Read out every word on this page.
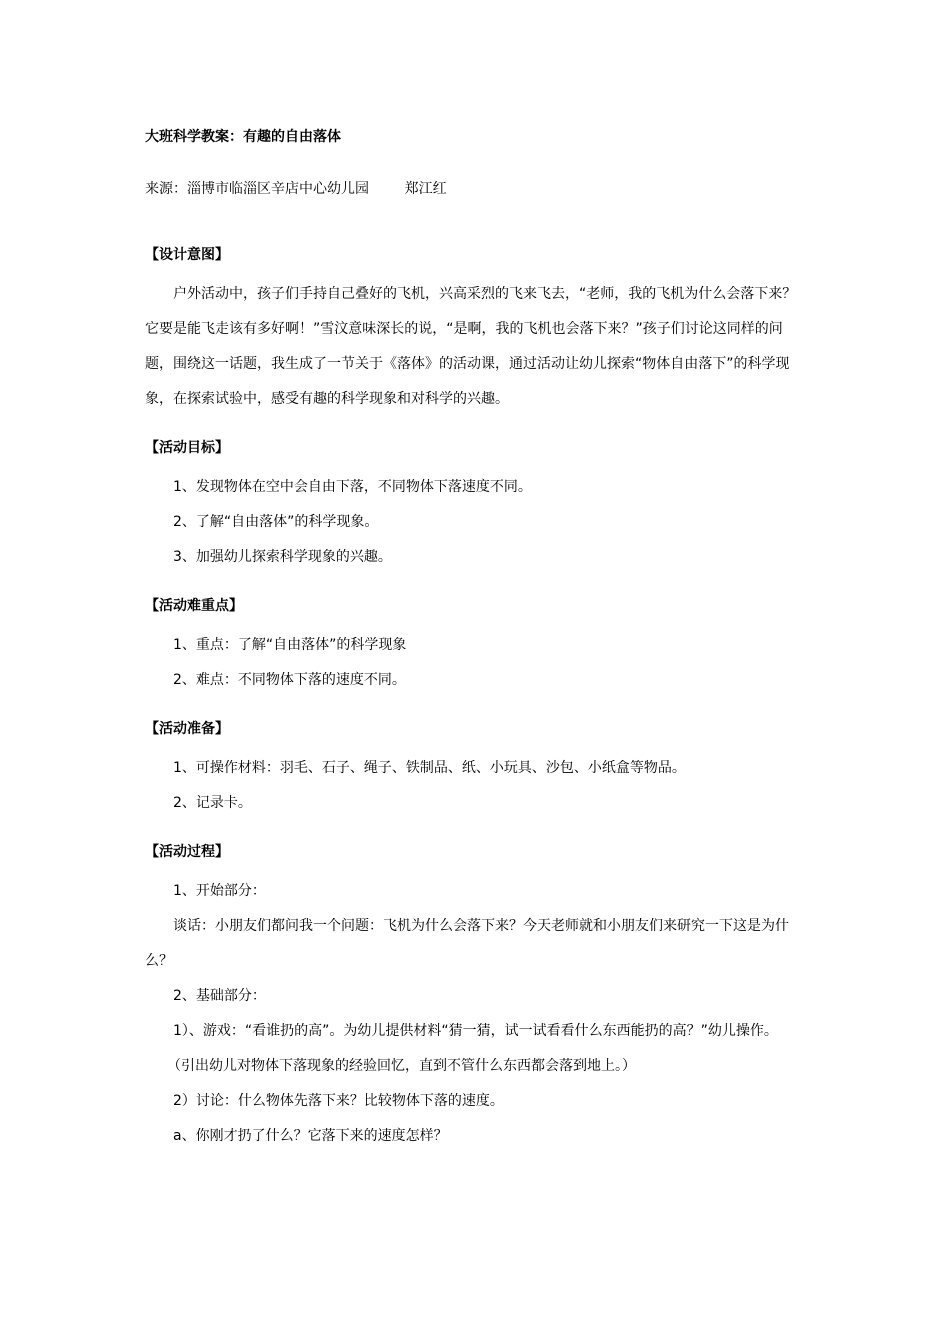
大班科学教案：有趣的自由落体
来源：淄博市临淄区辛店中心幼儿园        郑江红
【设计意图】

户外活动中，孩子们手持自己叠好的飞机，兴高采烈的飞来飞去，“老师，我的飞机为什么会落下来？它要是能飞走该有多好啊！”雪汶意味深长的说，“是啊，我的飞机也会落下来？”孩子们讨论这同样的问题，围绕这一话题，我生成了一节关于《落体》的活动课，通过活动让幼儿探索“物体自由落下”的科学现象，在探索试验中，感受有趣的科学现象和对科学的兴趣。

【活动目标】

1、发现物体在空中会自由下落，不同物体下落速度不同。

2、了解“自由落体”的科学现象。

3、加强幼儿探索科学现象的兴趣。

【活动难重点】

1、重点：了解“自由落体”的科学现象

2、难点：不同物体下落的速度不同。

【活动准备】

1、可操作材料：羽毛、石子、绳子、铁制品、纸、小玩具、沙包、小纸盒等物品。

2、记录卡。

【活动过程】

1、开始部分：

谈话：小朋友们都问我一个问题：飞机为什么会落下来？今天老师就和小朋友们来研究一下这是为什么？

2、基础部分：

1）、游戏：“看谁扔的高”。为幼儿提供材料“猜一猜，试一试看看什么东西能扔的高？”幼儿操作。

（引出幼儿对物体下落现象的经验回忆，直到不管什么东西都会落到地上。）

2）讨论：什么物体先落下来？比较物体下落的速度。

a、你刚才扔了什么？它落下来的速度怎样？
